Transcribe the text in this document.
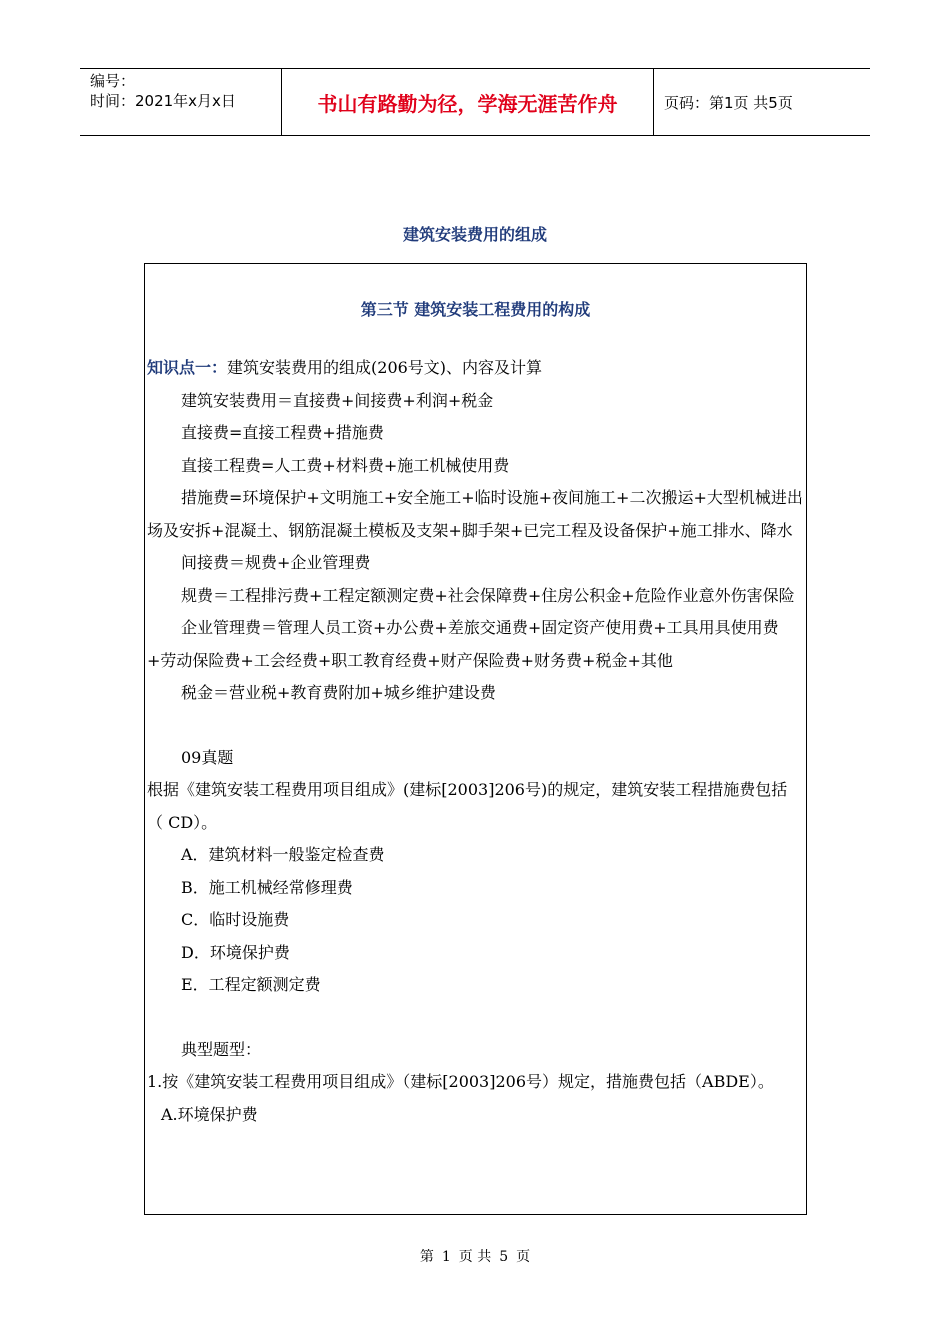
编号：
时间：2021年x月x日	书山有路勤为径，学海无涯苦作舟	页码：第1页 共5页
建筑安装费用的组成
第三节 建筑安装工程费用的构成

知识点一：建筑安装费用的组成(206号文)、内容及计算

建筑安装费用＝直接费+间接费+利润+税金

直接费=直接工程费+措施费

直接工程费=人工费+材料费+施工机械使用费

措施费=环境保护+文明施工+安全施工+临时设施+夜间施工+二次搬运+大型机械进出场及安拆+混凝土、钢筋混凝土模板及支架+脚手架+已完工程及设备保护+施工排水、降水

间接费＝规费+企业管理费

规费＝工程排污费+工程定额测定费+社会保障费+住房公积金+危险作业意外伤害保险

企业管理费＝管理人员工资+办公费+差旅交通费+固定资产使用费+工具用具使用费+劳动保险费+工会经费+职工教育经费+财产保险费+财务费+税金+其他

税金＝营业税+教育费附加+城乡维护建设费

09真题

根据《建筑安装工程费用项目组成》(建标[2003]206号)的规定，建筑安装工程措施费包括（ CD）。

A．建筑材料一般鉴定检查费

B．施工机械经常修理费

C．临时设施费

D．环境保护费

E．工程定额测定费

典型题型：

1.按《建筑安装工程费用项目组成》（建标[2003]206号）规定，措施费包括（ABDE）。

A.环境保护费

第 1 页 共 5 页
